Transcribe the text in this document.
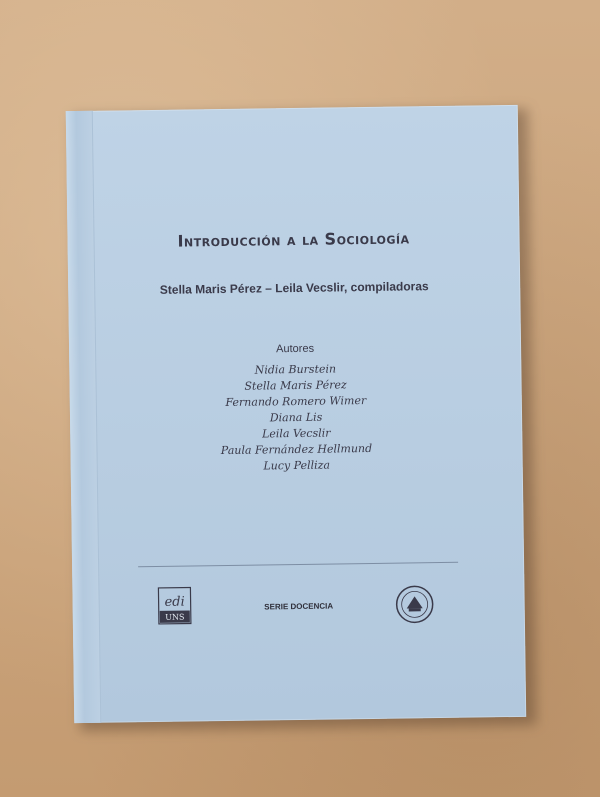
Introducción a la Sociología
Stella Maris Pérez – Leila Vecslir, compiladoras
Autores
Nidia Burstein
Stella Maris Pérez
Fernando Romero Wimer
Diana Lis
Leila Vecslir
Paula Fernández Hellmund
Lucy Pelliza
edi
UNS
SERIE DOCENCIA
